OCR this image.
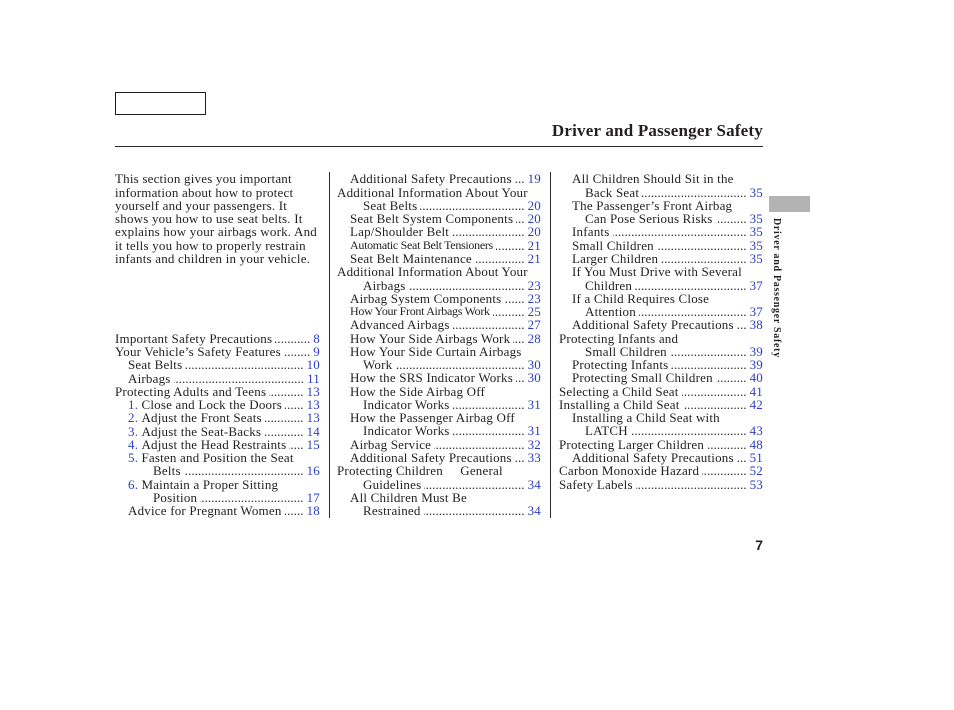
Driver and Passenger Safety
Driver and Passenger Safety
This section gives you important
information about how to protect
yourself and your passengers. It
shows you how to use seat belts. It
explains how your airbags work. And
it tells you how to properly restrain
infants and children in your vehicle.
Important Safety Precautions .....	8
Your Vehicle’s Safety Features ..... 9
Seat Belts .....	10
Airbags .....	11
Protecting Adults and Teens .....	13
1. Close and Lock the Doors ..... 13
2. Adjust the Front Seats .....	13
3. Adjust the Seat-Backs .....	14
4. Adjust the Head Restraints ..... 15
5. Fasten and Position the Seat
Belts .....	16
6. Maintain a Proper Sitting
Position .....	17
Advice for Pregnant Women ..... 18
Additional Safety Precautions ..... 19
Additional Information About Your
Seat Belts .....	20
Seat Belt System Components ..... 20
Lap/Shoulder Belt .....	20
Automatic Seat Belt Tensioners .....	21
Seat Belt Maintenance .....	21
Additional Information About Your
Airbags .....	23
Airbag System Components ..... 23
How Your Front Airbags Work .....	25
Advanced Airbags .....	27
How Your Side Airbags Work ..... 28
How Your Side Curtain Airbags
Work .....	30
How the SRS Indicator Works ..... 30
How the Side Airbag Off
Indicator Works .....	31
How the Passenger Airbag Off
Indicator Works .....	31
Airbag Service .....	32
Additional Safety Precautions ..... 33
Protecting Children     General
Guidelines .....	34
All Children Must Be
Restrained .....	34
All Children Should Sit in the
Back Seat .....	35
The Passenger’s Front Airbag
Can Pose Serious Risks .....	35
Infants .....	35
Small Children .....	35
Larger Children .....	35
If You Must Drive with Several
Children .....	37
If a Child Requires Close
Attention .....	37
Additional Safety Precautions ..... 38
Protecting Infants and
Small Children .....	39
Protecting Infants .....	39
Protecting Small Children .....	40
Selecting a Child Seat .....	41
Installing a Child Seat .....	42
Installing a Child Seat with
LATCH .....	43
Protecting Larger Children .....	48
Additional Safety Precautions ..... 51
Carbon Monoxide Hazard .....	52
Safety Labels .....	53
7
